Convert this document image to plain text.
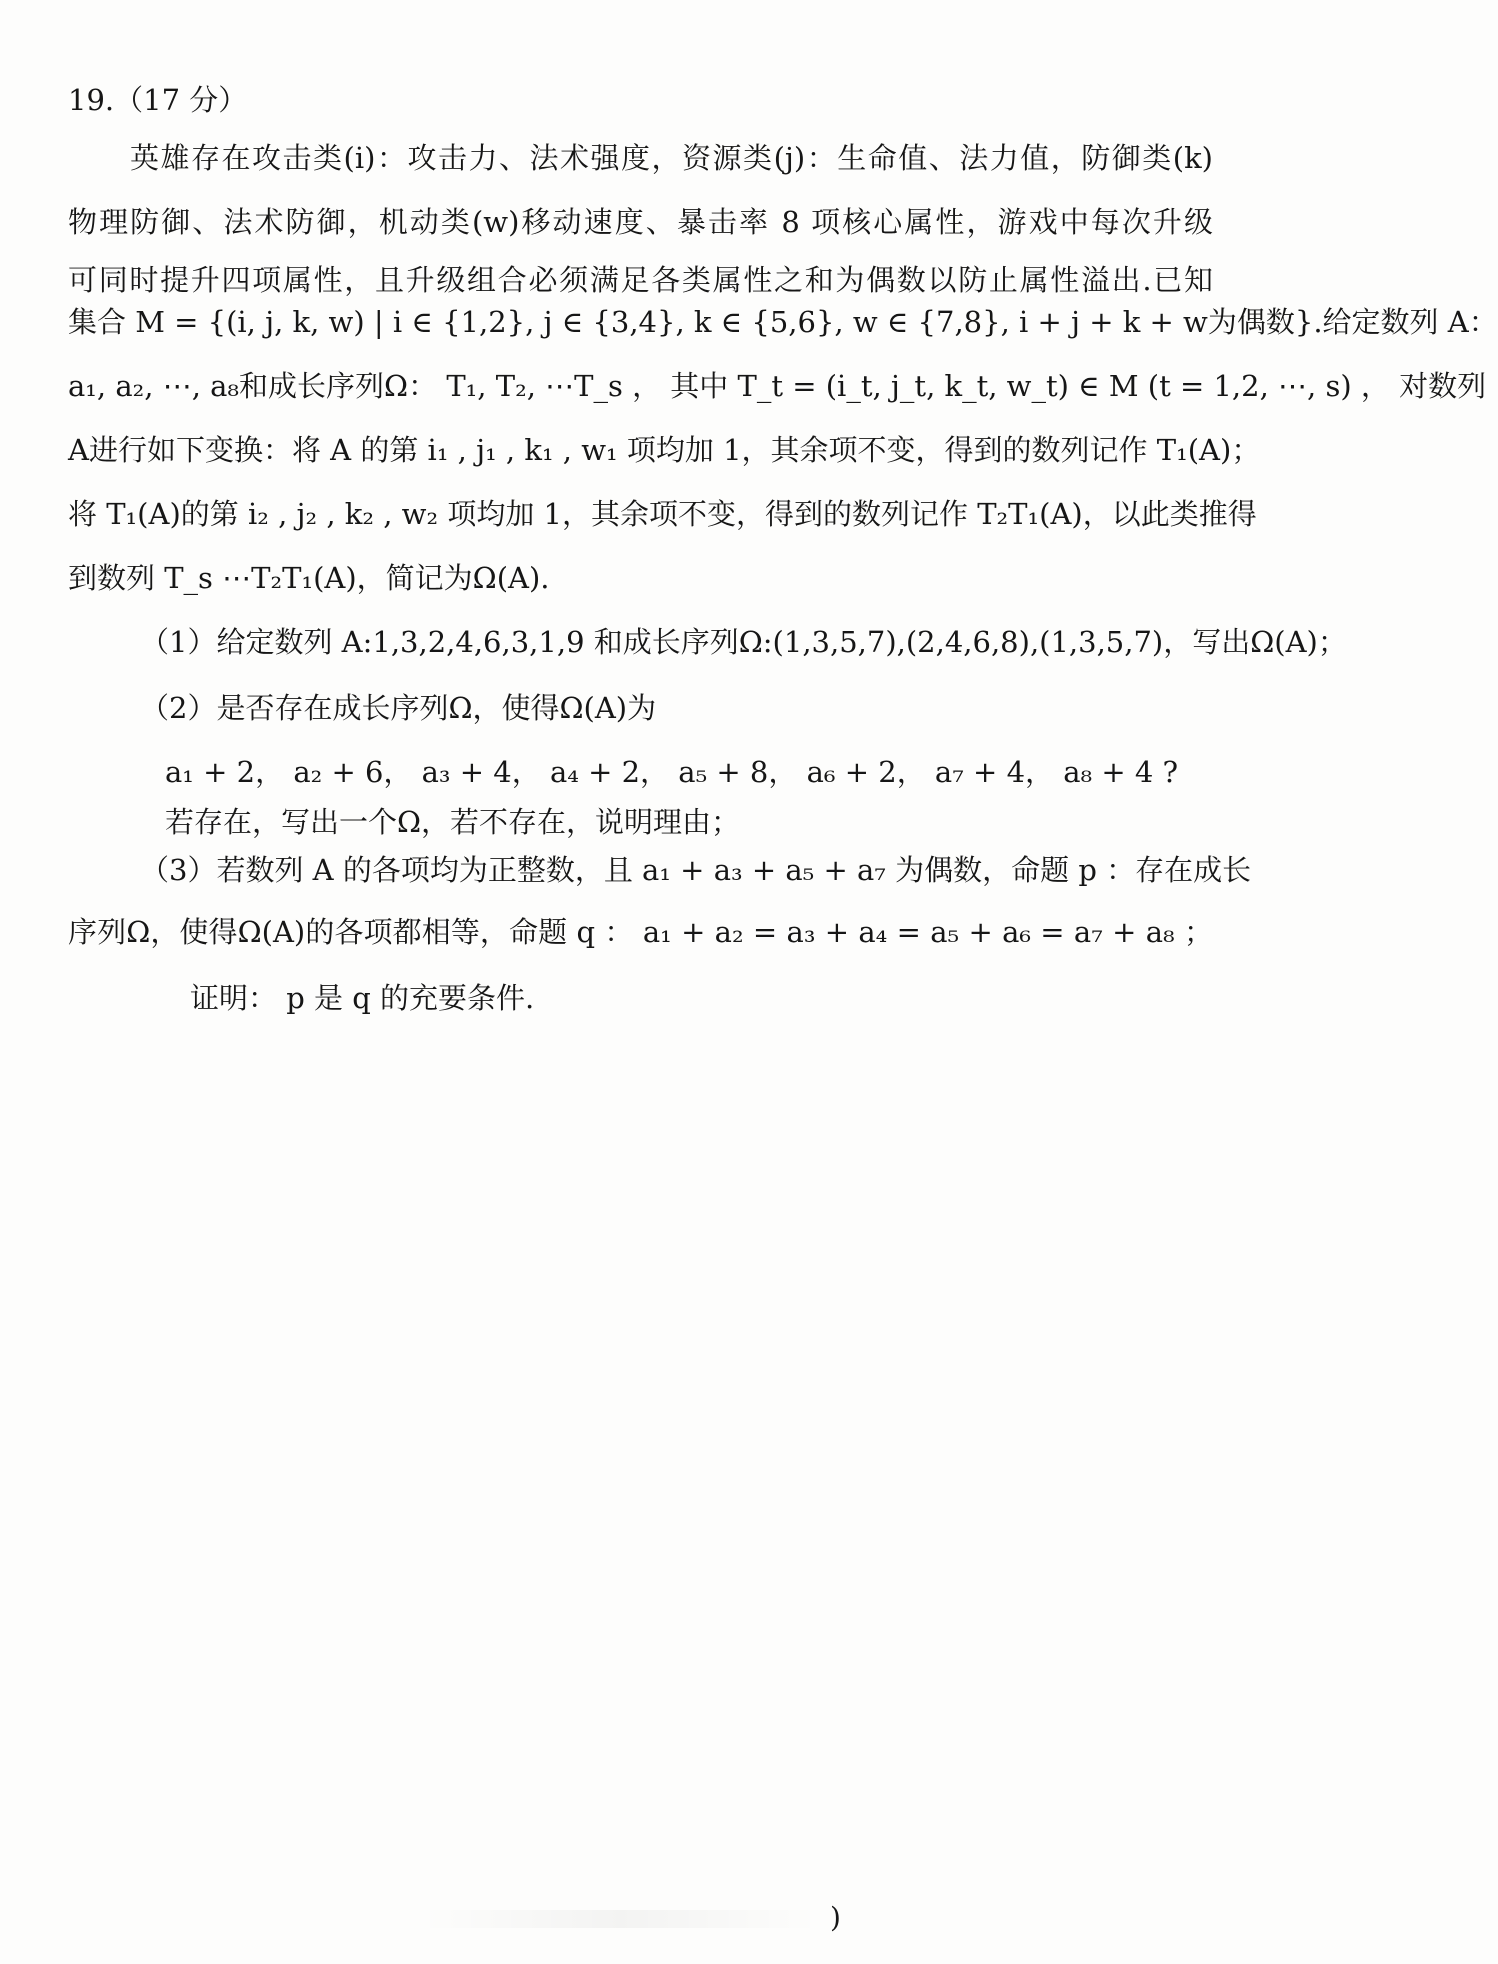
19.（17 分）
英雄存在攻击类(i)：攻击力、法术强度，资源类(j)：生命值、法力值，防御类(k)
物理防御、法术防御，机动类(w)移动速度、暴击率 8 项核心属性，游戏中每次升级
可同时提升四项属性，且升级组合必须满足各类属性之和为偶数以防止属性溢出.已知
集合 M = {(i, j, k, w) | i ∈ {1,2}, j ∈ {3,4}, k ∈ {5,6}, w ∈ {7,8}, i + j + k + w为偶数}.给定数列 A：
a₁, a₂, ⋯, a₈和成长序列Ω： T₁, T₂, ⋯T_s ， 其中 T_t = (i_t, j_t, k_t, w_t) ∈ M (t = 1,2, ⋯, s) ， 对数列
A进行如下变换：将 A 的第 i₁ , j₁ , k₁ , w₁ 项均加 1，其余项不变，得到的数列记作 T₁(A)；
将 T₁(A)的第 i₂ , j₂ , k₂ , w₂ 项均加 1，其余项不变，得到的数列记作 T₂T₁(A)，以此类推得
到数列 T_s ⋯T₂T₁(A)，简记为Ω(A).
（1）给定数列 A:1,3,2,4,6,3,1,9 和成长序列Ω:(1,3,5,7),(2,4,6,8),(1,3,5,7)，写出Ω(A)；
（2）是否存在成长序列Ω，使得Ω(A)为
a₁ + 2， a₂ + 6， a₃ + 4， a₄ + 2， a₅ + 8， a₆ + 2， a₇ + 4， a₈ + 4 ?
若存在，写出一个Ω，若不存在，说明理由；
（3）若数列 A 的各项均为正整数，且 a₁ + a₃ + a₅ + a₇ 为偶数，命题 p ：存在成长
序列Ω，使得Ω(A)的各项都相等，命题 q ： a₁ + a₂ = a₃ + a₄ = a₅ + a₆ = a₇ + a₈ ；
证明： p 是 q 的充要条件.
)
